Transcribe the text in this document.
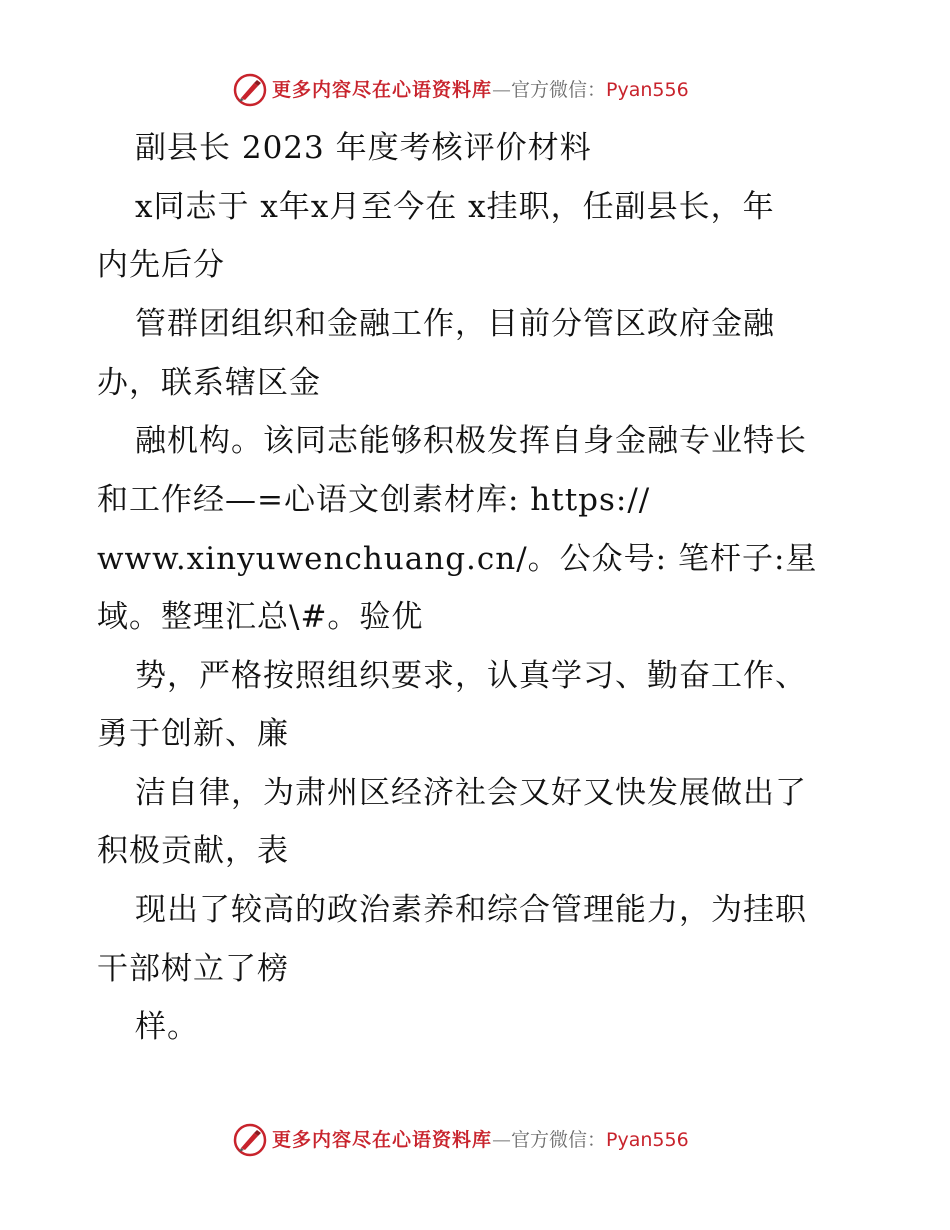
更多内容尽在心语资料库—官方微信：Pyan556
副县长 2023 年度考核评价材料
x同志于 x年x月至今在 x挂职，任副县长，年
内先后分
管群团组织和金融工作，目前分管区政府金融
办，联系辖区金
融机构。该同志能够积极发挥自身金融专业特长
和工作经—=心语文创素材库: https://
www.xinyuwenchuang.cn/。公众号: 笔杆子:星
域。整理汇总\#。验优
势，严格按照组织要求，认真学习、勤奋工作、
勇于创新、廉
洁自律，为肃州区经济社会又好又快发展做出了
积极贡献，表
现出了较高的政治素养和综合管理能力，为挂职
干部树立了榜
样。
更多内容尽在心语资料库—官方微信：Pyan556
